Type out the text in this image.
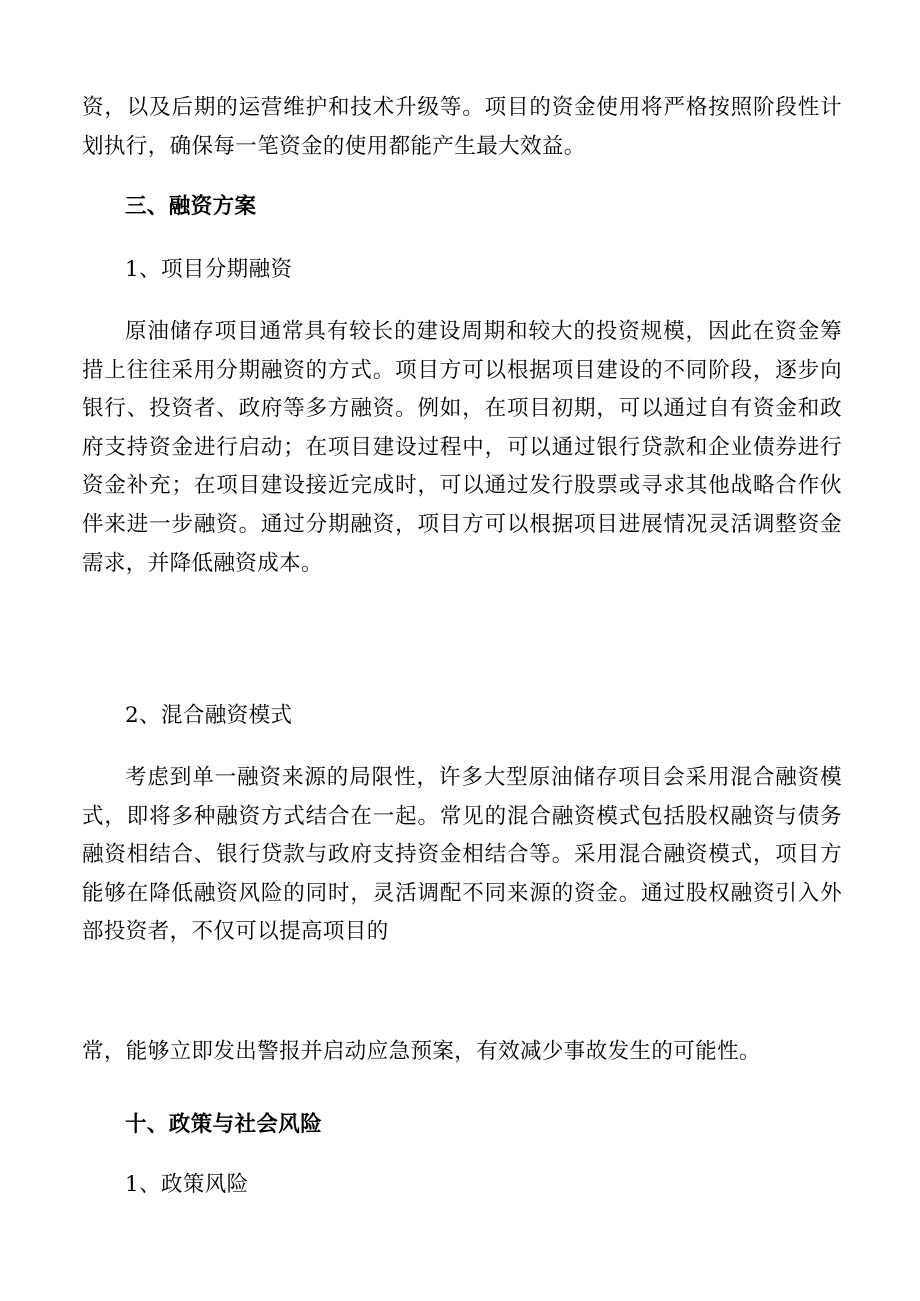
资，以及后期的运营维护和技术升级等。项目的资金使用将严格按照阶段性计划执行，确保每一笔资金的使用都能产生最大效益。

三、融资方案

1、项目分期融资

原油储存项目通常具有较长的建设周期和较大的投资规模，因此在资金筹措上往往采用分期融资的方式。项目方可以根据项目建设的不同阶段，逐步向银行、投资者、政府等多方融资。例如，在项目初期，可以通过自有资金和政府支持资金进行启动；在项目建设过程中，可以通过银行贷款和企业债券进行资金补充；在项目建设接近完成时，可以通过发行股票或寻求其他战略合作伙伴来进一步融资。通过分期融资，项目方可以根据项目进展情况灵活调整资金需求，并降低融资成本。

2、混合融资模式

考虑到单一融资来源的局限性，许多大型原油储存项目会采用混合融资模式，即将多种融资方式结合在一起。常见的混合融资模式包括股权融资与债务融资相结合、银行贷款与政府支持资金相结合等。采用混合融资模式，项目方能够在降低融资风险的同时，灵活调配不同来源的资金。通过股权融资引入外部投资者，不仅可以提高项目的

常，能够立即发出警报并启动应急预案，有效减少事故发生的可能性。

十、政策与社会风险

1、政策风险
